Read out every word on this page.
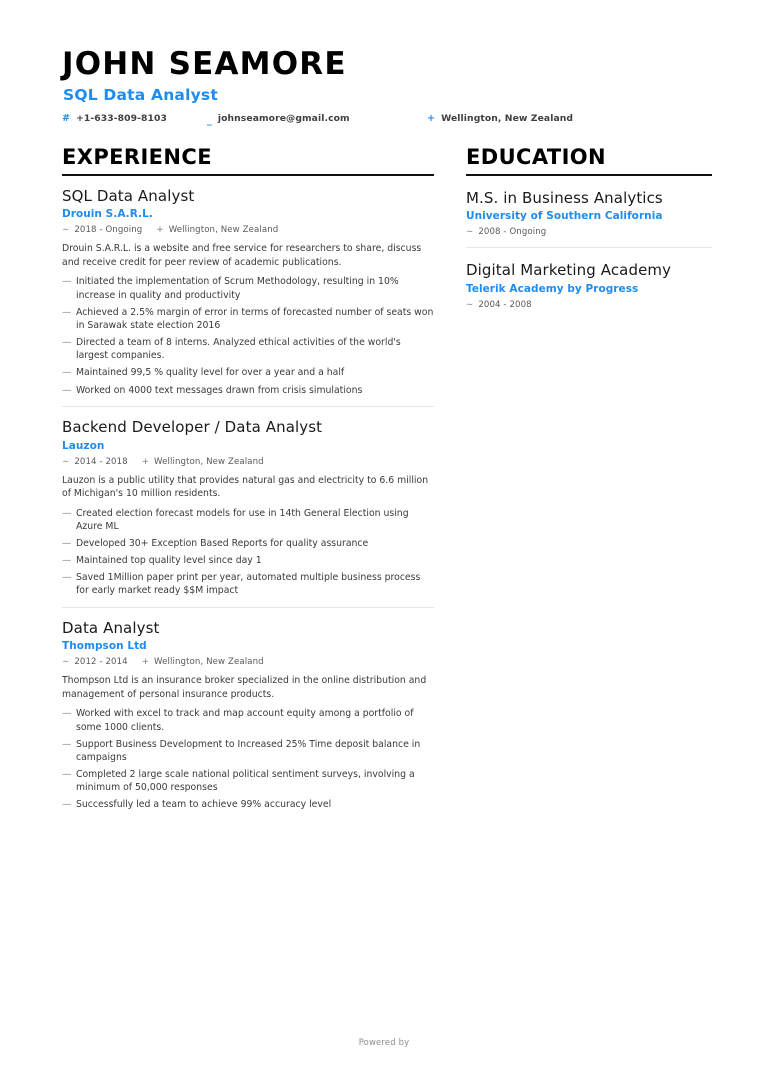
JOHN SEAMORE
SQL Data Analyst
# +1-633-809-8103	_ johnseamore@gmail.com	+ Wellington, New Zealand
EXPERIENCE
SQL Data Analyst
Drouin S.A.R.L.
∼ 2018 - Ongoing + Wellington, New Zealand

Drouin S.A.R.L. is a website and free service for researchers to share, discuss and receive credit for peer review of academic publications.

— Initiated the implementation of Scrum Methodology, resulting in 10% increase in quality and productivity
— Achieved a 2.5% margin of error in terms of forecasted number of seats won in Sarawak state election 2016
— Directed a team of 8 interns. Analyzed ethical activities of the world's largest companies.
— Maintained 99,5 % quality level for over a year and a half
— Worked on 4000 text messages drawn from crisis simulations
Backend Developer / Data Analyst
Lauzon
∼ 2014 - 2018 + Wellington, New Zealand

Lauzon is a public utility that provides natural gas and electricity to 6.6 million of Michigan's 10 million residents.

— Created election forecast models for use in 14th General Election using Azure ML
— Developed 30+ Exception Based Reports for quality assurance
— Maintained top quality level since day 1
— Saved 1Million paper print per year, automated multiple business process for early market ready $$M impact
Data Analyst
Thompson Ltd
∼ 2012 - 2014 + Wellington, New Zealand

Thompson Ltd is an insurance broker specialized in the online distribution and management of personal insurance products.

— Worked with excel to track and map account equity among a portfolio of some 1000 clients.
— Support Business Development to Increased 25% Time deposit balance in campaigns
— Completed 2 large scale national political sentiment surveys, involving a minimum of 50,000 responses
— Successfully led a team to achieve 99% accuracy level
EDUCATION
M.S. in Business Analytics
University of Southern California
∼ 2008 - Ongoing
Digital Marketing Academy
Telerik Academy by Progress
∼ 2004 - 2008
Powered by
